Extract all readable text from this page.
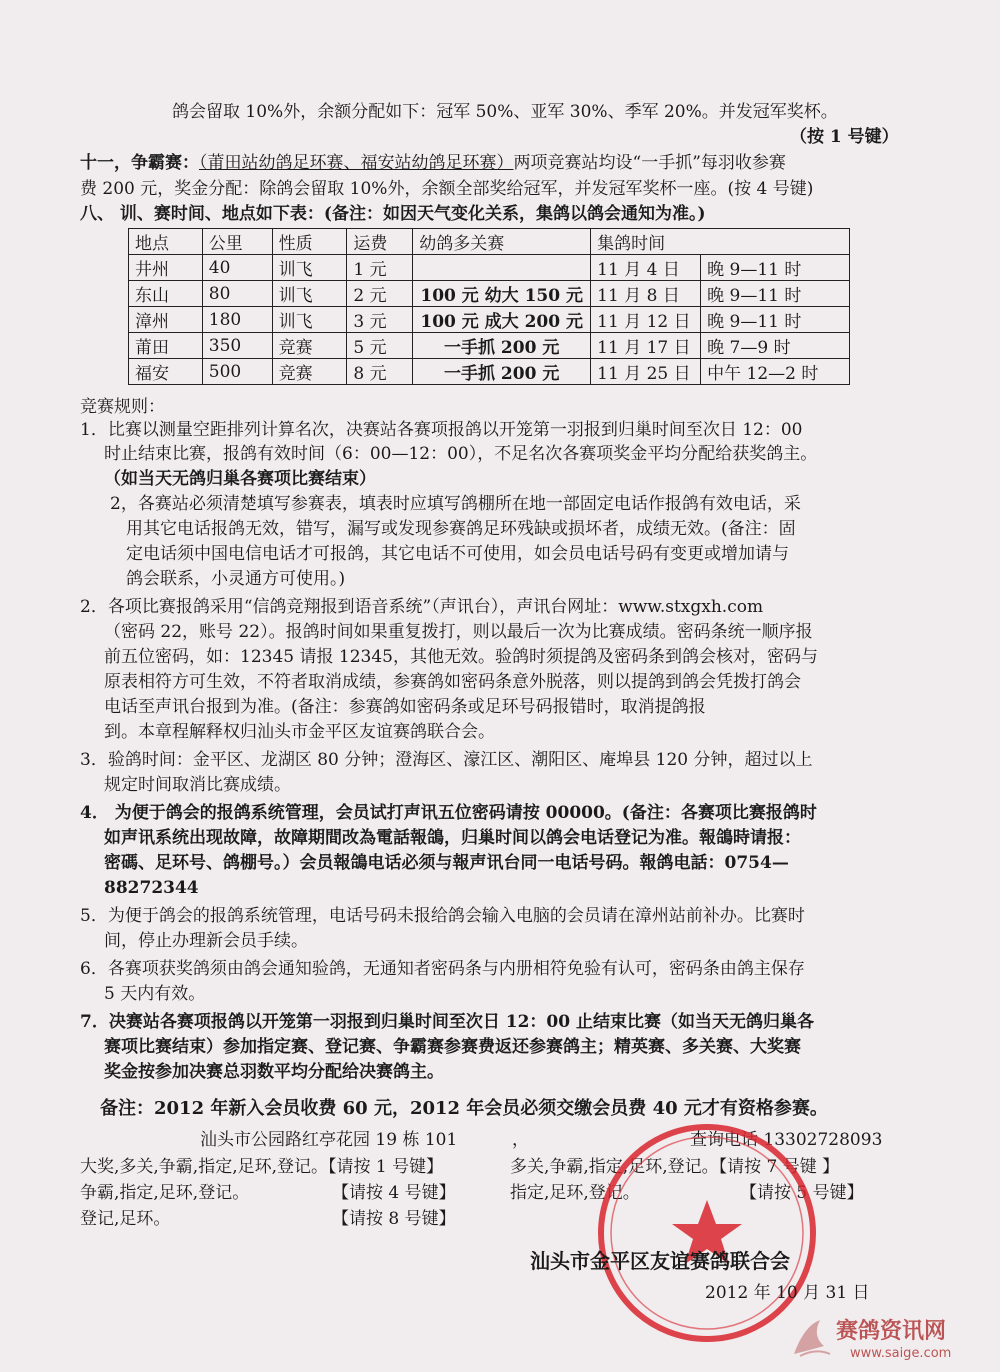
鸽会留取 10%外，余额分配如下：冠军 50%、亚军 30%、季军 20%。并发冠军奖杯。
（按 1 号键）
十一，争霸赛：（莆田站幼鸽足环赛、福安站幼鸽足环赛）两项竞赛站均设“一手抓”每羽收参赛
费 200 元，奖金分配：除鸽会留取 10%外，余额全部奖给冠军，并发冠军奖杯一座。(按 4 号键)
八、 训、赛时间、地点如下表：(备注：如因天气变化关系，集鸽以鸽会通知为准。)
地点	公里	性质	运费	幼鸽多关赛	集鸽时间	
井州	40	训飞	1 元		11 月 4 日	晚 9—11 时
东山	80	训飞	2 元	100 元 幼大 150 元	11 月 8 日	晚 9—11 时
漳州	180	训飞	3 元	100 元 成大 200 元	11 月 12 日	晚 9—11 时
莆田	350	竞赛	5 元	一手抓 200 元	11 月 17 日	晚 7—9 时
福安	500	竞赛	8 元	一手抓 200 元	11 月 25 日	中午 12—2 时
竞赛规则：
1．比赛以测量空距排列计算名次，决赛站各赛项报鸽以开笼第一羽报到归巢时间至次日 12：00
时止结束比赛，报鸽有效时间（6：00—12：00），不足名次各赛项奖金平均分配给获奖鸽主。
（如当天无鸽归巢各赛项比赛结束）
2，各赛站必须清楚填写参赛表，填表时应填写鸽棚所在地一部固定电话作报鸽有效电话，采
用其它电话报鸽无效，错写，漏写或发现参赛鸽足环残缺或损坏者，成绩无效。(备注：固
定电话须中国电信电话才可报鸽，其它电话不可使用，如会员电话号码有变更或增加请与
鸽会联系，小灵通方可使用。)
2．各项比赛报鸽采用“信鸽竞翔报到语音系统”（声讯台），声讯台网址：www.stxgxh.com
（密码 22，账号 22）。报鸽时间如果重复拨打，则以最后一次为比赛成绩。密码条统一顺序报
前五位密码，如：12345 请报 12345，其他无效。验鸽时须提鸽及密码条到鸽会核对，密码与
原表相符方可生效，不符者取消成绩，参赛鸽如密码条意外脱落，则以提鸽到鸽会凭拨打鸽会
电话至声讯台报到为准。(备注：参赛鸽如密码条或足环号码报错时，取消提鸽报
到。本章程解释权归汕头市金平区友谊赛鸽联合会。
3．验鸽时间：金平区、龙湖区 80 分钟；澄海区、濠江区、潮阳区、庵埠县 120 分钟，超过以上
规定时间取消比赛成绩。
4． 为便于鸽会的报鸽系统管理，会员试打声讯五位密码请按 00000。(备注：各赛项比赛报鸽时
如声讯系统出现故障，故障期間改為電話報鴿，归巢时间以鸽会电话登记为准。報鴿時请报：
密碼、足环号、鸽棚号。）会员報鴿电话必须与報声讯台同一电话号码。報鸽电話：0754—
88272344
5．为便于鸽会的报鸽系统管理，电话号码未报给鸽会输入电脑的会员请在漳州站前补办。比赛时
间，停止办理新会员手续。
6．各赛项获奖鸽须由鸽会通知验鸽，无通知者密码条与内册相符免验有认可，密码条由鸽主保存
5 天内有效。
7．决赛站各赛项报鸽以开笼第一羽报到归巢时间至次日 12：00 止结束比赛（如当天无鸽归巢各
赛项比赛结束）参加指定赛、登记赛、争霸赛参赛费返还参赛鸽主；精英赛、多关赛、大奖赛
奖金按参加决赛总羽数平均分配给决赛鸽主。
备注：2012 年新入会员收费 60 元，2012 年会员必须交缴会员费 40 元才有资格参赛。
汕头市公园路红亭花园 19 栋 101	，	查询电话 13302728093
大奖,多关,争霸,指定,足环,登记。【请按 1 号键】	多关,争霸,指定,足环,登记。【请按 7 号键 】
争霸,指定,足环,登记。	【请按 4 号键】	指定,足环,登记。	【请按 5 号键】
登记,足环。	【请按 8 号键】
汕头市金平区友谊赛鸽联合会
2012 年 10 月 31 日
赛鸽资讯网
www.saige.com
